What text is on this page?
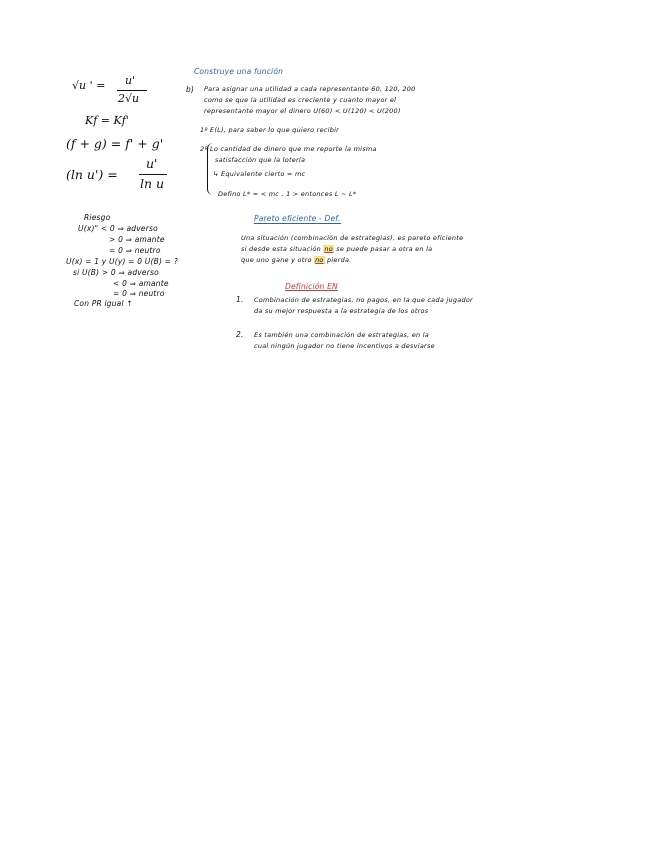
√u ' = u'
2√u
Kf = Kf'
(f + g) = f' + g'
(ln u') =
u'
ln u
Riesgo
U(x)" < 0 ⇒ adverso
> 0 ⇒ amante
= 0 ⇒ neutro
U(x) = 1 y U(y) = 0 U(B) = ?
si U(B) > 0 ⇒ adverso
< 0 ⇒ amante
= 0 ⇒ neutro
Con PR igual ↑
Construye una función
b) Para asignar una utilidad a cada representante 60, 120, 200
como se que la utilidad es creciente y cuanto mayor el
representante mayor el dinero U(60) < U(120) < U(200)
1º E(L), para saber lo que quiero recibir
2º Lo cantidad de dinero que me reporte la misma
satisfacción que la lotería
↳ Equivalente cierto = mc
Defino L* = < mc , 1 > entonces L ~ L*
Pareto eficiente - Def.
Una situación (combinación de estrategias), es pareto eficiente
si desde esta situación no se puede pasar a otra en la
que uno gane y otro no pierda.
Definición EN
1. Combinación de estrategias, no pagos, en la que cada jugador
da su mejor respuesta a la estrategia de los otros
2. Es también una combinación de estrategias, en la
cual ningún jugador no tiene incentivos a desviarse
